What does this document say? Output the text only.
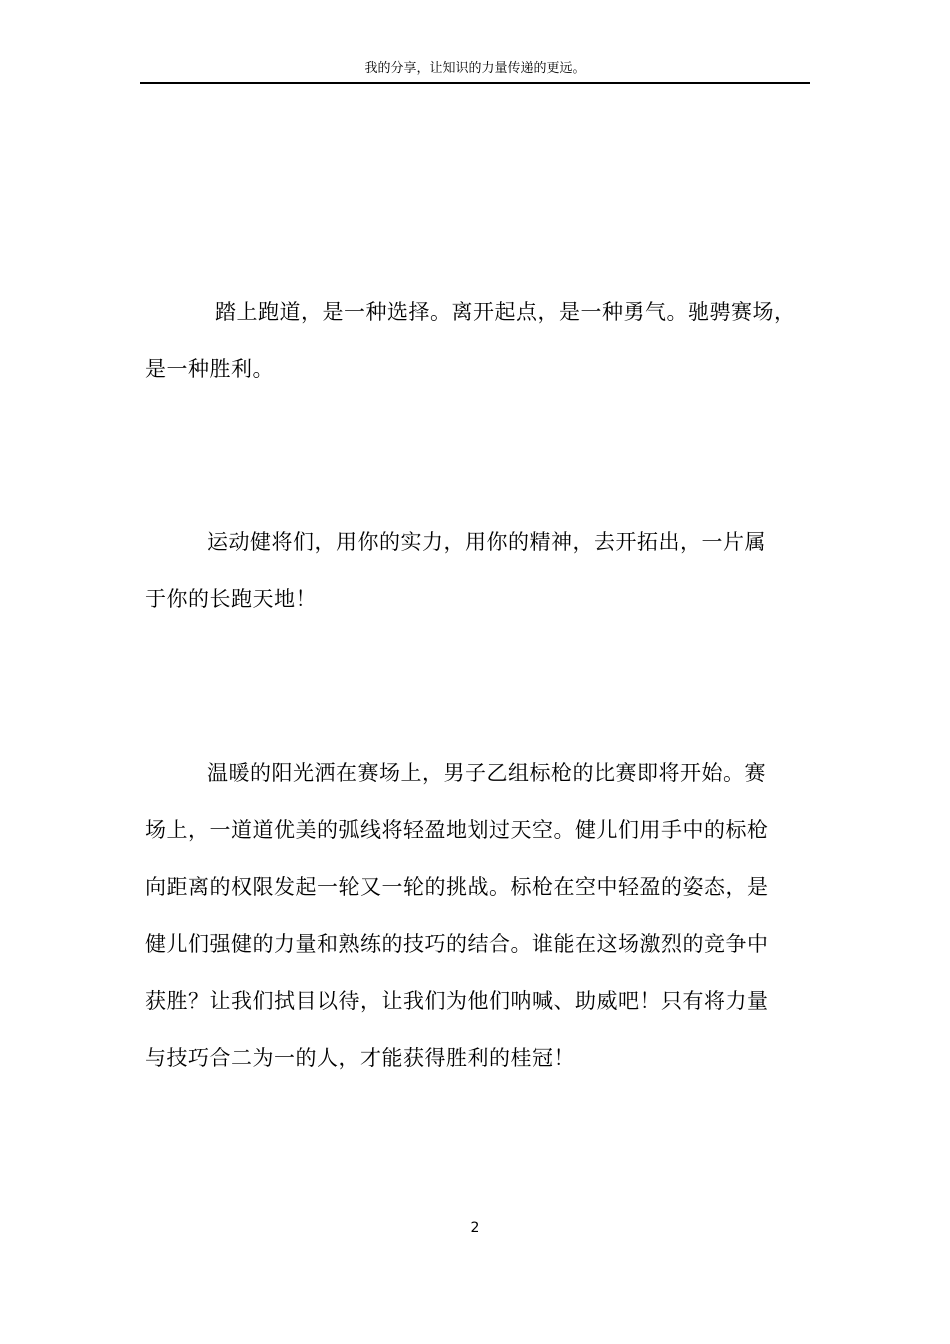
我的分享，让知识的力量传递的更远。
踏上跑道，是一种选择。离开起点，是一种勇气。驰骋赛场，
是一种胜利。
运动健将们，用你的实力，用你的精神，去开拓出，一片属
于你的长跑天地！
温暖的阳光洒在赛场上，男子乙组标枪的比赛即将开始。赛
场上，一道道优美的弧线将轻盈地划过天空。健儿们用手中的标枪
向距离的权限发起一轮又一轮的挑战。标枪在空中轻盈的姿态，是
健儿们强健的力量和熟练的技巧的结合。谁能在这场激烈的竞争中
获胜？让我们拭目以待，让我们为他们呐喊、助威吧！只有将力量
与技巧合二为一的人，才能获得胜利的桂冠！
2
